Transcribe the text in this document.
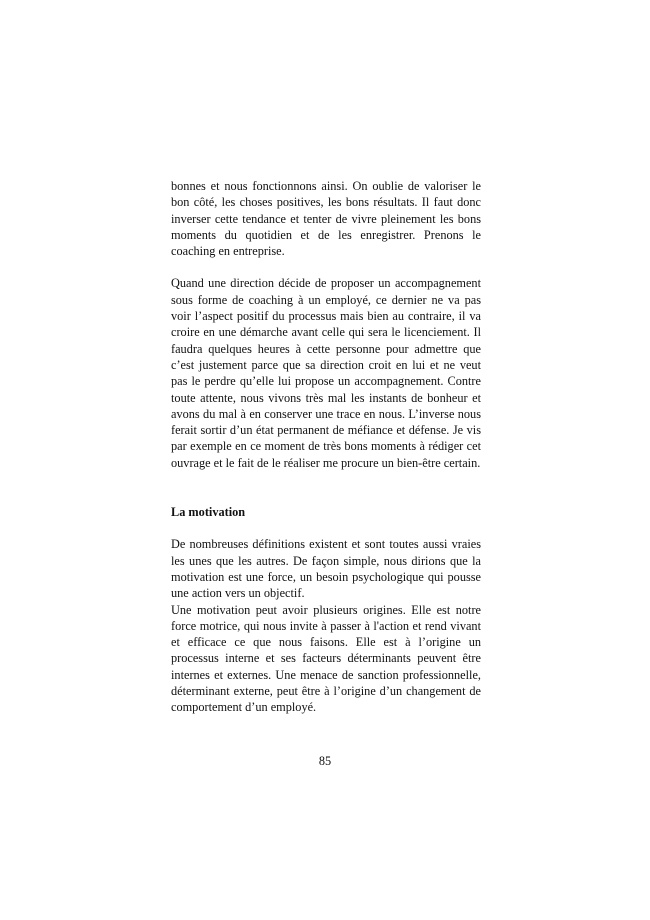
bonnes et nous fonctionnons ainsi. On oublie de valoriser le bon côté, les choses positives, les bons résultats. Il faut donc inverser cette tendance et tenter de vivre pleinement les bons moments du quotidien et de les enregistrer. Prenons le coaching en entreprise.

Quand une direction décide de proposer un accompagnement sous forme de coaching à un employé, ce dernier ne va pas voir l’aspect positif du processus mais bien au contraire, il va croire en une démarche avant celle qui sera le licenciement. Il faudra quelques heures à cette personne pour admettre que c’est justement parce que sa direction croit en lui et ne veut pas le perdre qu’elle lui propose un accompagnement. Contre toute attente, nous vivons très mal les instants de bonheur et avons du mal à en conserver une trace en nous. L’inverse nous ferait sortir d’un état permanent de méfiance et défense. Je vis par exemple en ce moment de très bons moments à rédiger cet ouvrage et le fait de le réaliser me procure un bien-être certain.

La motivation

De nombreuses définitions existent et sont toutes aussi vraies les unes que les autres. De façon simple, nous dirions que la motivation est une force, un besoin psychologique qui pousse une action vers un objectif.

Une motivation peut avoir plusieurs origines. Elle est notre force motrice, qui nous invite à passer à l'action et rend vivant et efficace ce que nous faisons. Elle est à l’origine un processus interne et ses facteurs déterminants peuvent être internes et externes. Une menace de sanction professionnelle, déterminant externe, peut être à l’origine d’un changement de comportement d’un employé.

85
